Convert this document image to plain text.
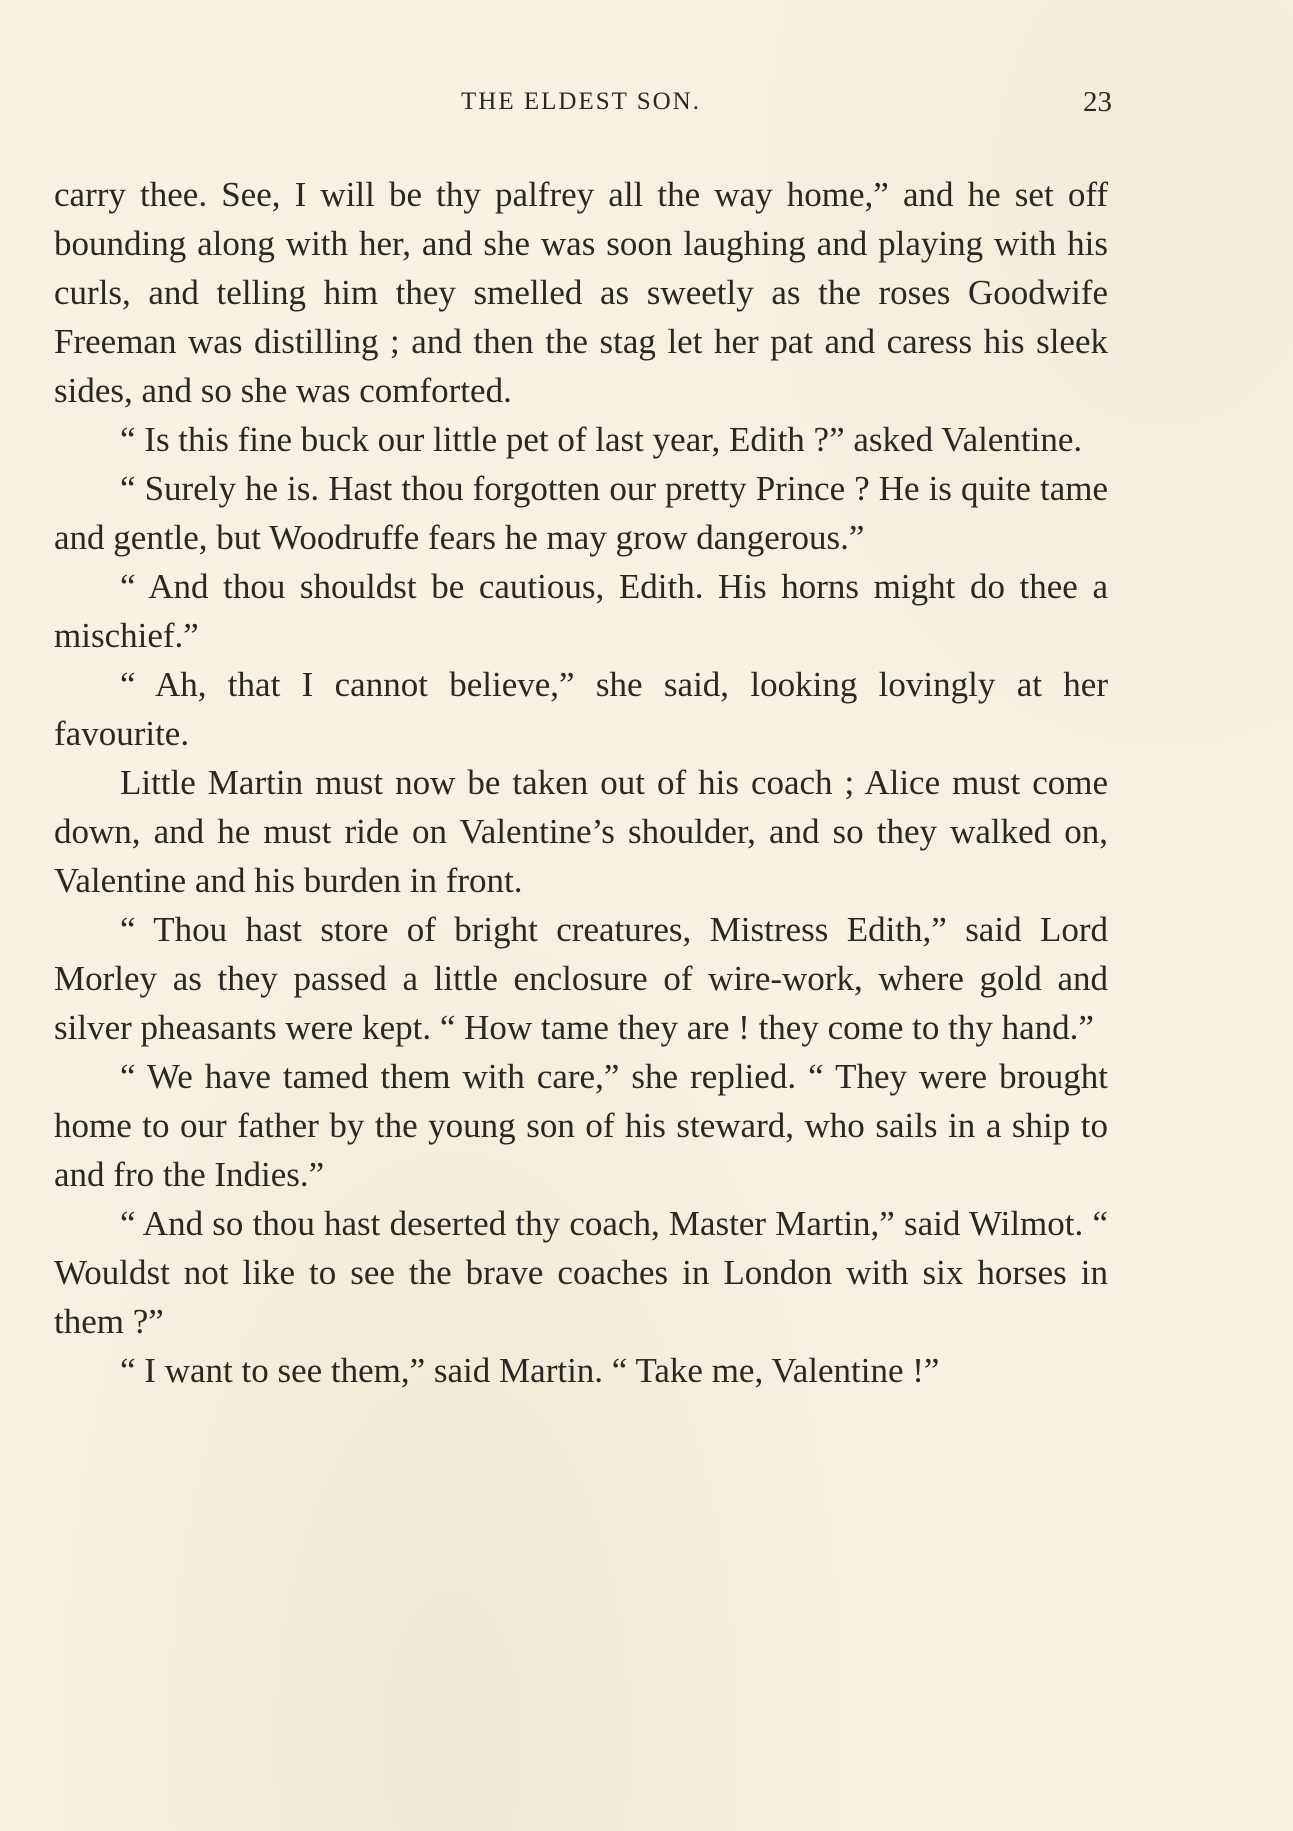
THE ELDEST SON.	23

carry thee. See, I will be thy palfrey all the way home,” and he set off bounding along with her, and she was soon laughing and playing with his curls, and telling him they smelled as sweetly as the roses Goodwife Freeman was distilling ; and then the stag let her pat and caress his sleek sides, and so she was comforted.

“ Is this fine buck our little pet of last year, Edith ?” asked Valentine.

“ Surely he is. Hast thou forgotten our pretty Prince ? He is quite tame and gentle, but Woodruffe fears he may grow dangerous.”

“ And thou shouldst be cautious, Edith. His horns might do thee a mischief.”

“ Ah, that I cannot believe,” she said, looking lovingly at her favourite.

Little Martin must now be taken out of his coach ; Alice must come down, and he must ride on Valentine’s shoulder, and so they walked on, Valentine and his burden in front.

“ Thou hast store of bright creatures, Mistress Edith,” said Lord Morley as they passed a little enclosure of wire-work, where gold and silver pheasants were kept. “ How tame they are ! they come to thy hand.”

“ We have tamed them with care,” she replied. “ They were brought home to our father by the young son of his steward, who sails in a ship to and fro the Indies.”

“ And so thou hast deserted thy coach, Master Martin,” said Wilmot. “ Wouldst not like to see the brave coaches in London with six horses in them ?”

“ I want to see them,” said Martin. “ Take me, Valentine !”
